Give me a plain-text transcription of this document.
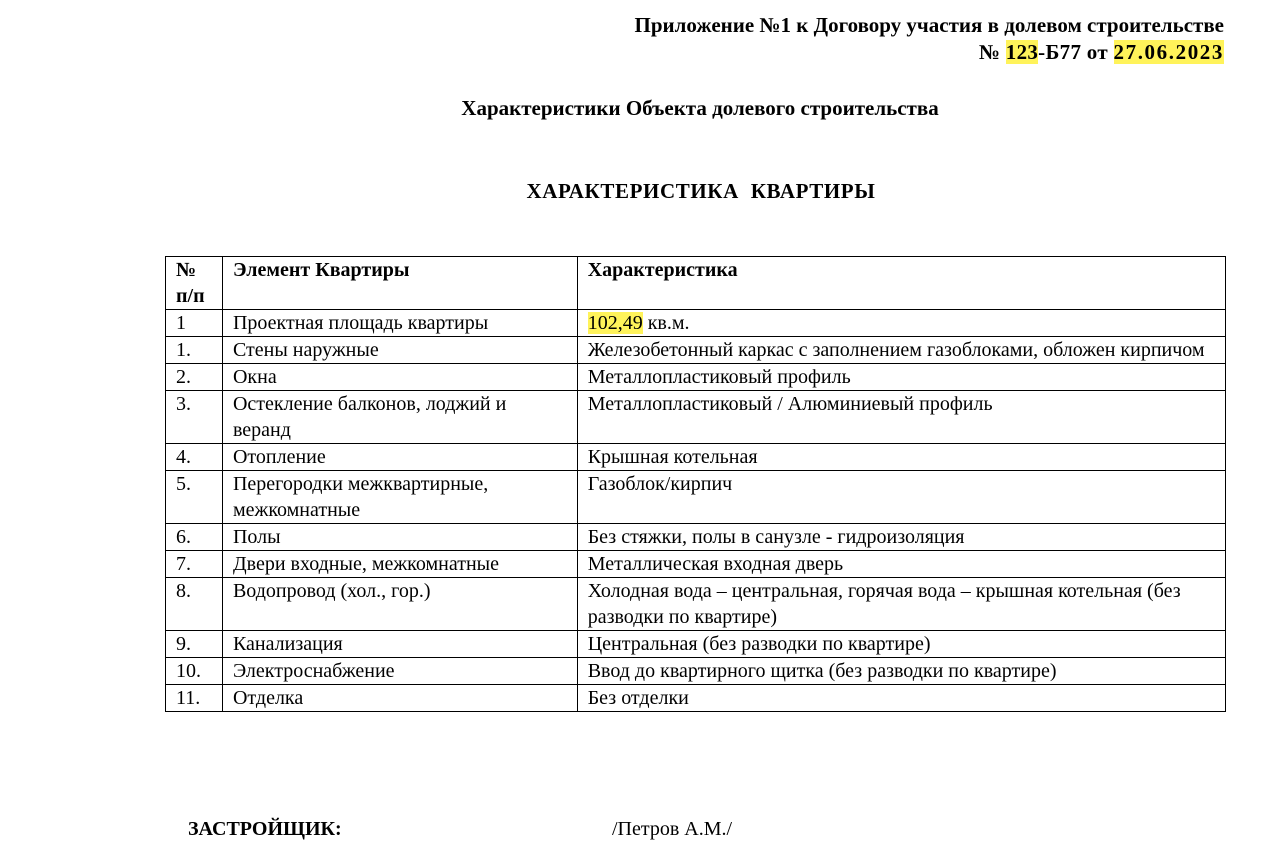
Приложение №1 к Договору участия в долевом строительстве
№ 123-Б77 от 27.06.2023
Характеристики Объекта долевого строительства
ХАРАКТЕРИСТИКА КВАРТИРЫ
№ п/п	Элемент Квартиры	Характеристика
1	Проектная площадь квартиры	102,49 кв.м.
1.	Стены наружные	Железобетонный каркас с заполнением газоблоками, обложен кирпичом
2.	Окна	Металлопластиковый профиль
3.	Остекление балконов, лоджий и веранд	Металлопластиковый / Алюминиевый профиль
4.	Отопление	Крышная котельная
5.	Перегородки межквартирные, межкомнатные	Газоблок/кирпич
6.	Полы	Без стяжки, полы в санузле - гидроизоляция
7.	Двери входные, межкомнатные	Металлическая входная дверь
8.	Водопровод (хол., гор.)	Холодная вода – центральная, горячая вода – крышная котельная (без разводки по квартире)
9.	Канализация	Центральная (без разводки по квартире)
10.	Электроснабжение	Ввод до квартирного щитка (без разводки по квартире)
11.	Отделка	Без отделки
ЗАСТРОЙЩИК:	/Петров А.М./
